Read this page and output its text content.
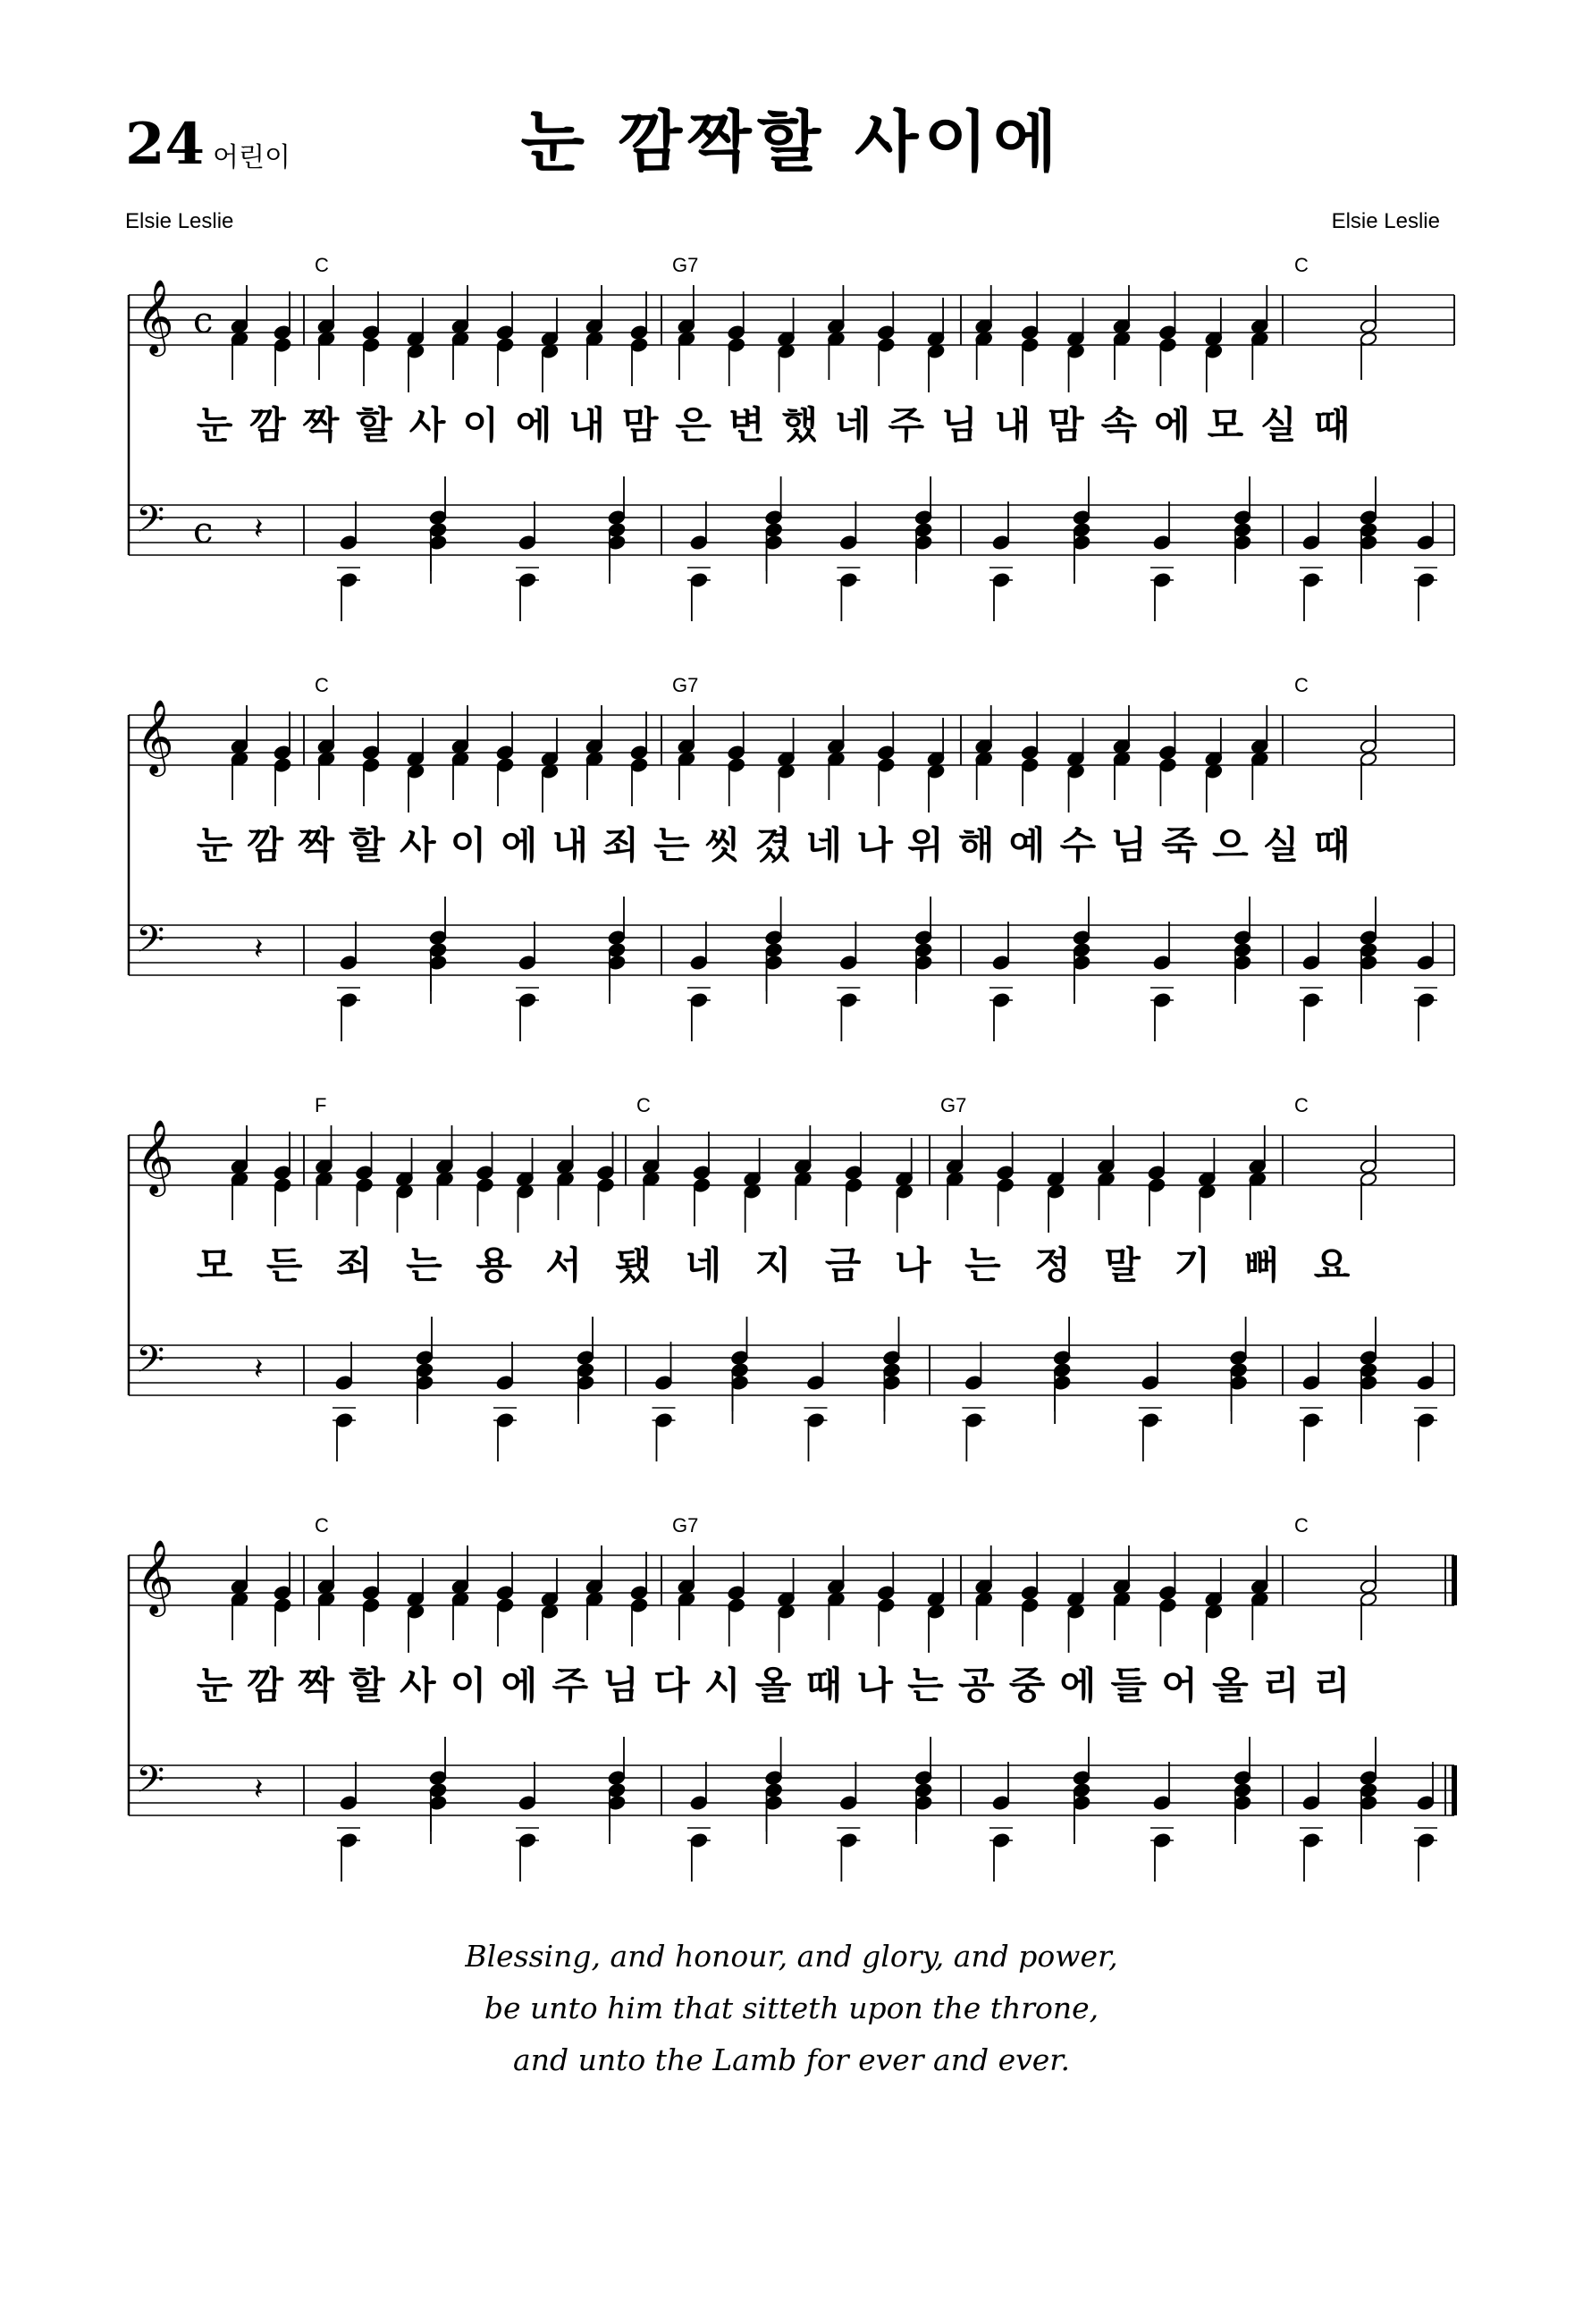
24 어린이	눈 깜짝할 사이에
Elsie Leslie	Elsie Leslie
𝄞
𝄢
c
c
C	G7	C
𝄽
눈 깜 짝 할 사 이 에 내 맘 은 변 했 네 주 님 내 맘 속 에 모 실 때
𝄞
𝄢
C	G7	C
𝄽
눈 깜 짝 할 사 이 에 내 죄 는 씻 겼 네 나 위 해 예 수 님 죽 으 실 때
𝄞
𝄢
F	C	G7	C
𝄽
모 든 죄 는 용 서 됐 네 지 금 나 는 정 말 기 뻐 요
𝄞
𝄢
C	G7	C
𝄽
눈 깜 짝 할 사 이 에 주 님 다 시 올 때 나 는 공 중 에 들 어 올 리 리
Blessing, and honour, and glory, and power,
be unto him that sitteth upon the throne,
and unto the Lamb for ever and ever.
